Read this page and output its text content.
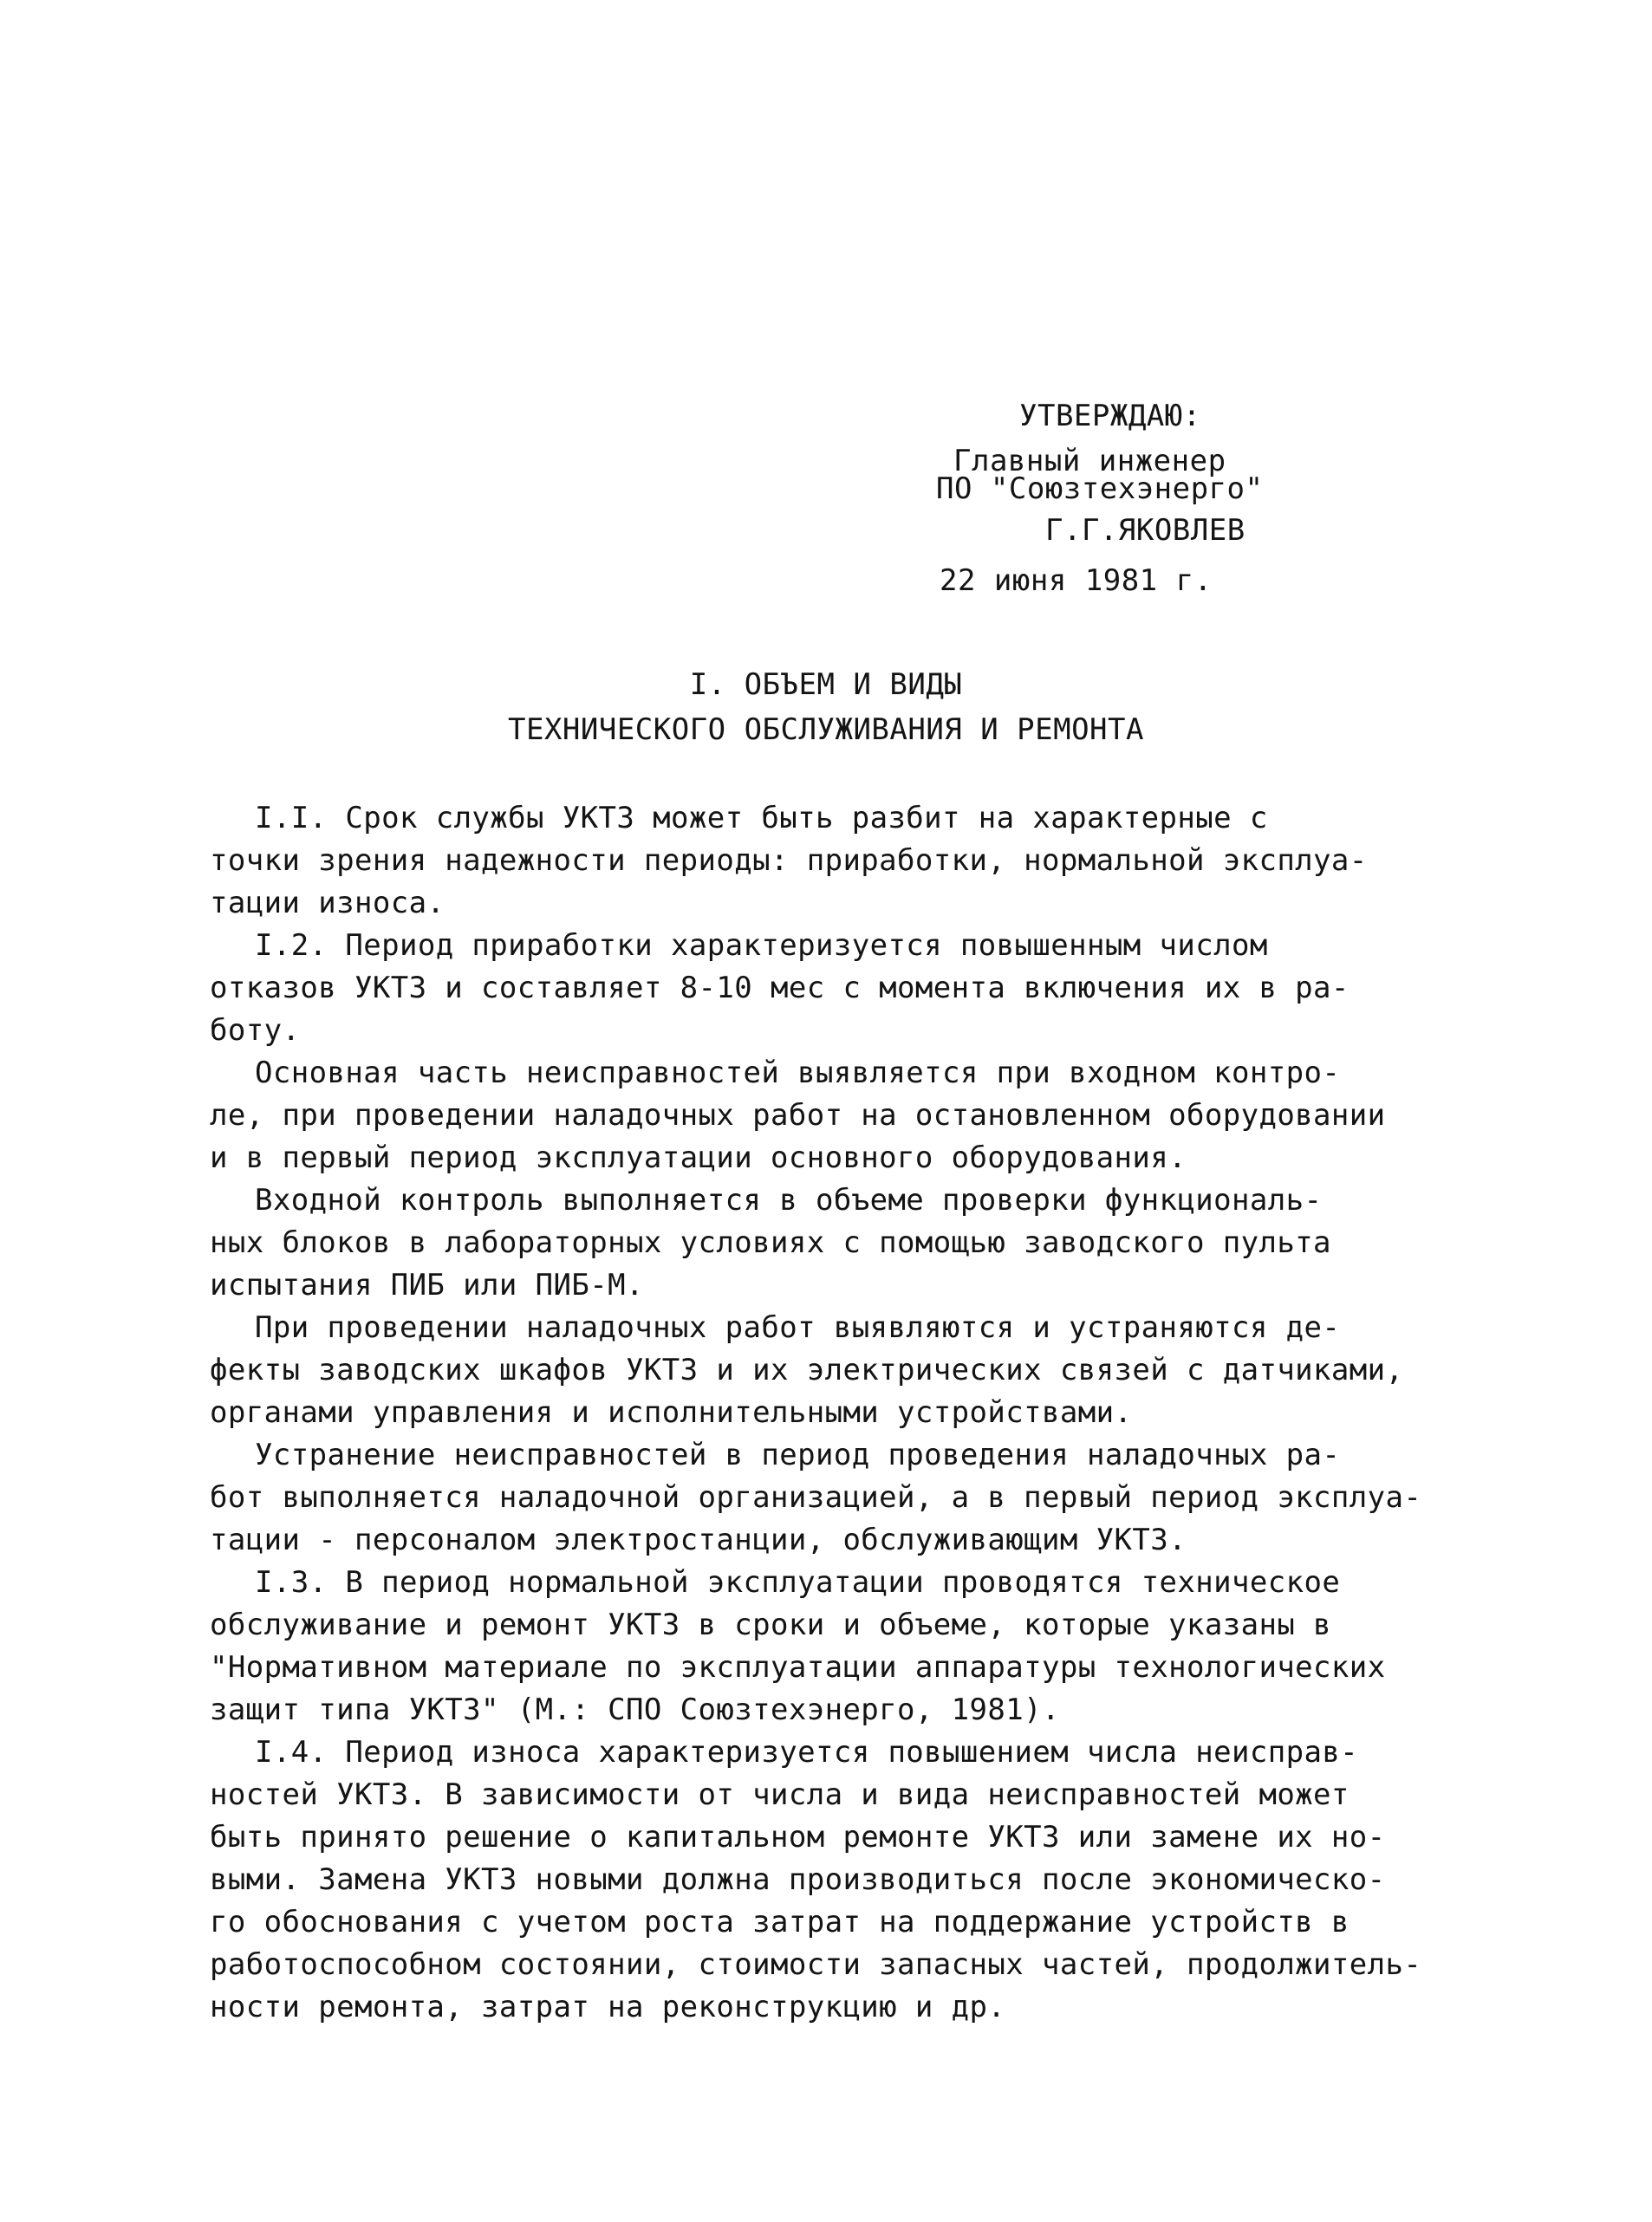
УТВЕРЖДАЮ:
Главный инженер
ПО "Союзтехэнерго"
Г.Г.ЯКОВЛЕВ
22 июня 1981 г.
I. ОБЪЕМ И ВИДЫ
ТЕХНИЧЕСКОГО ОБСЛУЖИВАНИЯ И РЕМОНТА
I.I. Срок службы УКТЗ может быть разбит на характерные с
точки зрения надежности периоды: приработки, нормальной эксплуа-
тации износа.
I.2. Период приработки характеризуется повышенным числом
отказов УКТЗ и составляет 8-10 мес с момента включения их в ра-
боту.
Основная часть неисправностей выявляется при входном контро-
ле, при проведении наладочных работ на остановленном оборудовании
и в первый период эксплуатации основного оборудования.
Входной контроль выполняется в объеме проверки функциональ-
ных блоков в лабораторных условиях с помощью заводского пульта
испытания ПИБ или ПИБ-М.
При проведении наладочных работ выявляются и устраняются де-
фекты заводских шкафов УКТЗ и их электрических связей с датчиками,
органами управления и исполнительными устройствами.
Устранение неисправностей в период проведения наладочных ра-
бот выполняется наладочной организацией, а в первый период эксплуа-
тации - персоналом электростанции, обслуживающим УКТЗ.
I.3. В период нормальной эксплуатации проводятся техническое
обслуживание и ремонт УКТЗ в сроки и объеме, которые указаны в
"Нормативном материале по эксплуатации аппаратуры технологических
защит типа УКТЗ" (М.: СПО Союзтехэнерго, 1981).
I.4. Период износа характеризуется повышением числа неисправ-
ностей УКТЗ. В зависимости от числа и вида неисправностей может
быть принято решение о капитальном ремонте УКТЗ или замене их но-
выми. Замена УКТЗ новыми должна производиться после экономическо-
го обоснования с учетом роста затрат на поддержание устройств в
работоспособном состоянии, стоимости запасных частей, продолжитель-
ности ремонта, затрат на реконструкцию и др.
